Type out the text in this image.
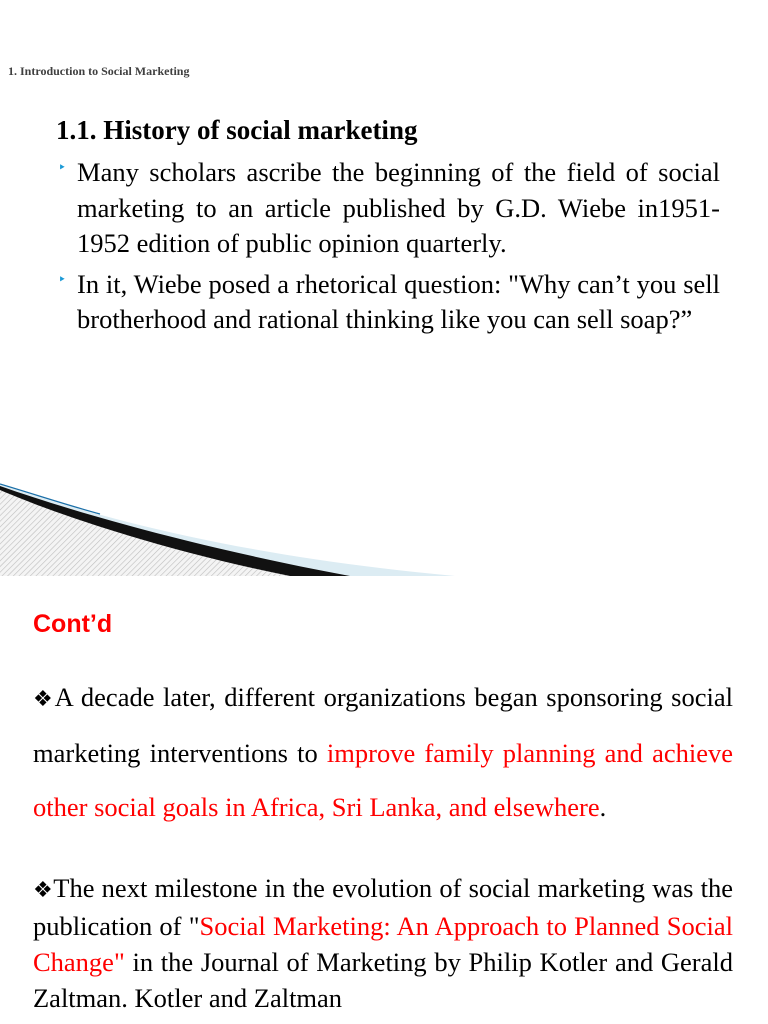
1. Introduction to Social Marketing
1.1. History of social marketing
‣ Many scholars ascribe the beginning of the field of social marketing to an article published by G.D. Wiebe in1951-1952 edition of public opinion quarterly.
‣ In it, Wiebe posed a rhetorical question: "Why can’t you sell brotherhood and rational thinking like you can sell soap?”
Cont’d

❖A decade later, different organizations began sponsoring social marketing interventions to improve family planning and achieve other social goals in Africa, Sri Lanka, and elsewhere.

❖The next milestone in the evolution of social marketing was the publication of "Social Marketing: An Approach to Planned Social Change" in the Journal of Marketing by Philip Kotler and Gerald Zaltman. Kotler and Zaltman
